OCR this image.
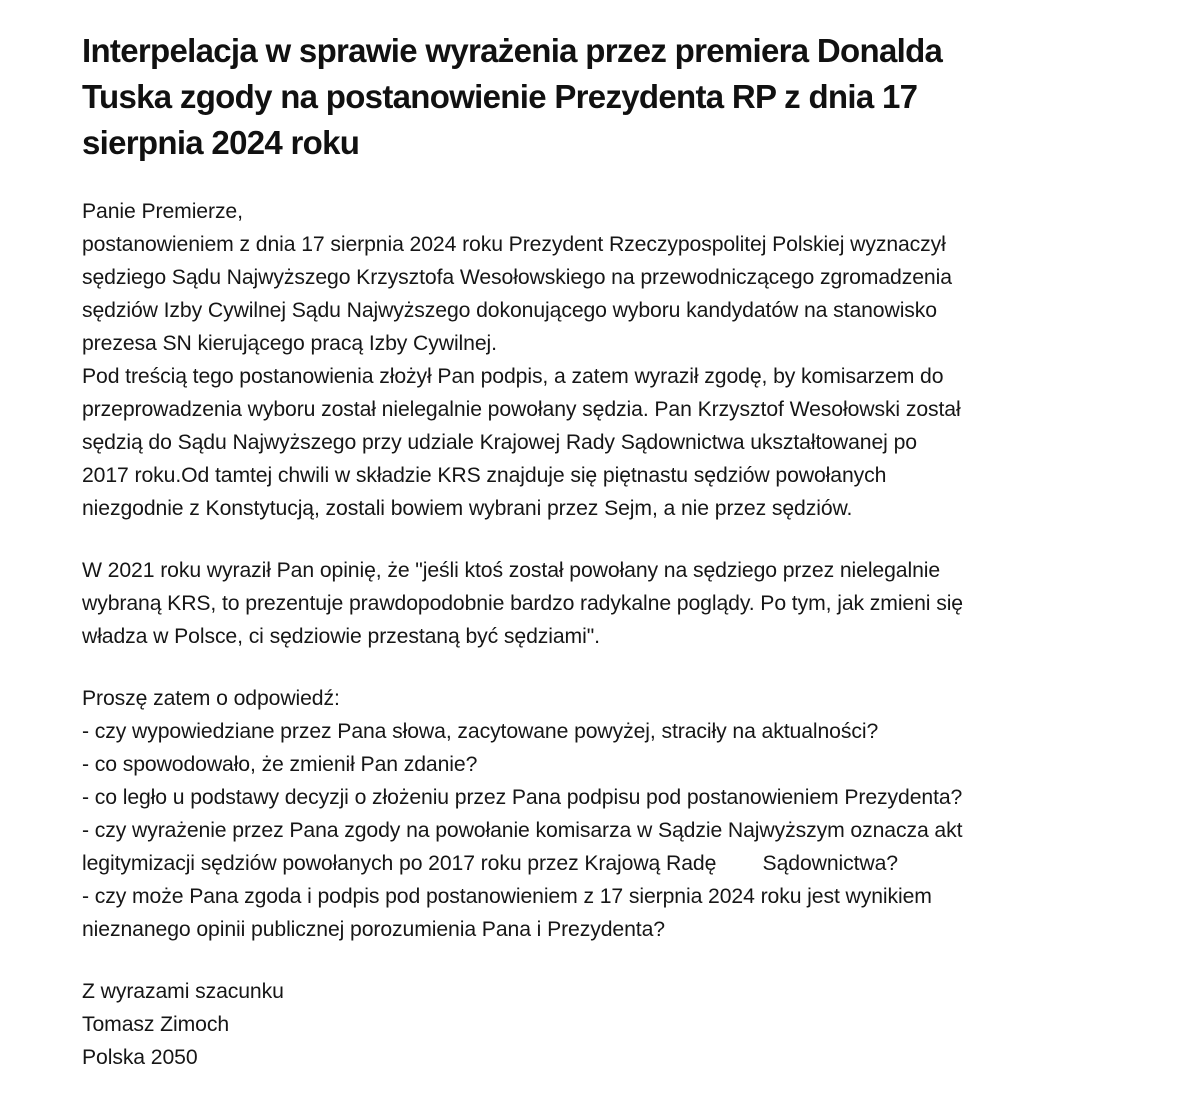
Interpelacja w sprawie wyrażenia przez premiera Donalda
Tuska zgody na postanowienie Prezydenta RP z dnia 17
sierpnia 2024 roku
Panie Premierze,
postanowieniem z dnia 17 sierpnia 2024 roku Prezydent Rzeczypospolitej Polskiej wyznaczył
sędziego Sądu Najwyższego Krzysztofa Wesołowskiego na przewodniczącego zgromadzenia
sędziów Izby Cywilnej Sądu Najwyższego dokonującego wyboru kandydatów na stanowisko
prezesa SN kierującego pracą Izby Cywilnej.
Pod treścią tego postanowienia złożył Pan podpis, a zatem wyraził zgodę, by komisarzem do
przeprowadzenia wyboru został nielegalnie powołany sędzia. Pan Krzysztof Wesołowski został
sędzią do Sądu Najwyższego przy udziale Krajowej Rady Sądownictwa ukształtowanej po
2017 roku.Od tamtej chwili w składzie KRS znajduje się piętnastu sędziów powołanych
niezgodnie z Konstytucją, zostali bowiem wybrani przez Sejm, a nie przez sędziów.
W 2021 roku wyraził Pan opinię, że "jeśli ktoś został powołany na sędziego przez nielegalnie
wybraną KRS, to prezentuje prawdopodobnie bardzo radykalne poglądy. Po tym, jak zmieni się
władza w Polsce, ci sędziowie przestaną być sędziami".
Proszę zatem o odpowiedź:
- czy wypowiedziane przez Pana słowa, zacytowane powyżej, straciły na aktualności?
- co spowodowało, że zmienił Pan zdanie?
- co legło u podstawy decyzji o złożeniu przez Pana podpisu pod postanowieniem Prezydenta?
- czy wyrażenie przez Pana zgody na powołanie komisarza w Sądzie Najwyższym oznacza akt
legitymizacji sędziów powołanych po 2017 roku przez Krajową Radę        Sądownictwa?
- czy może Pana zgoda i podpis pod postanowieniem z 17 sierpnia 2024 roku jest wynikiem
nieznanego opinii publicznej porozumienia Pana i Prezydenta?
Z wyrazami szacunku
Tomasz Zimoch
Polska 2050
